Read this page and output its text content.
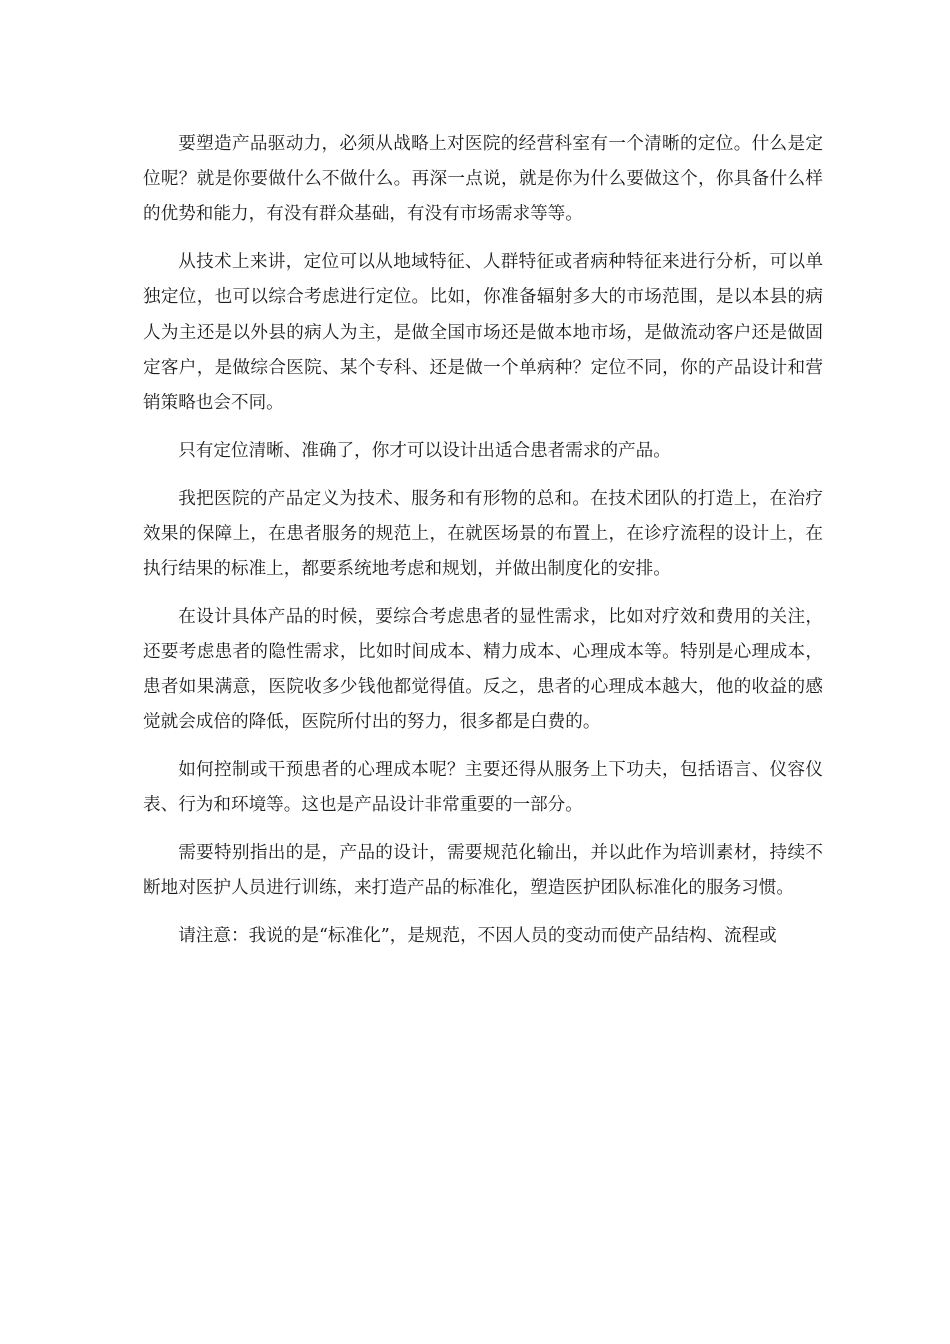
要塑造产品驱动力，必须从战略上对医院的经营科室有一个清晰的定位。什么是定位呢？就是你要做什么不做什么。再深一点说，就是你为什么要做这个，你具备什么样的优势和能力，有没有群众基础，有没有市场需求等等。

从技术上来讲，定位可以从地域特征、人群特征或者病种特征来进行分析，可以单独定位，也可以综合考虑进行定位。比如，你准备辐射多大的市场范围，是以本县的病人为主还是以外县的病人为主，是做全国市场还是做本地市场，是做流动客户还是做固定客户，是做综合医院、某个专科、还是做一个单病种？定位不同，你的产品设计和营销策略也会不同。

只有定位清晰、准确了，你才可以设计出适合患者需求的产品。

我把医院的产品定义为技术、服务和有形物的总和。在技术团队的打造上，在治疗效果的保障上，在患者服务的规范上，在就医场景的布置上，在诊疗流程的设计上，在执行结果的标准上，都要系统地考虑和规划，并做出制度化的安排。

在设计具体产品的时候，要综合考虑患者的显性需求，比如对疗效和费用的关注，还要考虑患者的隐性需求，比如时间成本、精力成本、心理成本等。特别是心理成本，患者如果满意，医院收多少钱他都觉得值。反之，患者的心理成本越大，他的收益的感觉就会成倍的降低，医院所付出的努力，很多都是白费的。

如何控制或干预患者的心理成本呢？主要还得从服务上下功夫，包括语言、仪容仪表、行为和环境等。这也是产品设计非常重要的一部分。

需要特别指出的是，产品的设计，需要规范化输出，并以此作为培训素材，持续不断地对医护人员进行训练，来打造产品的标准化，塑造医护团队标准化的服务习惯。

请注意：我说的是“标准化”，是规范，不因人员的变动而使产品结构、流程或
